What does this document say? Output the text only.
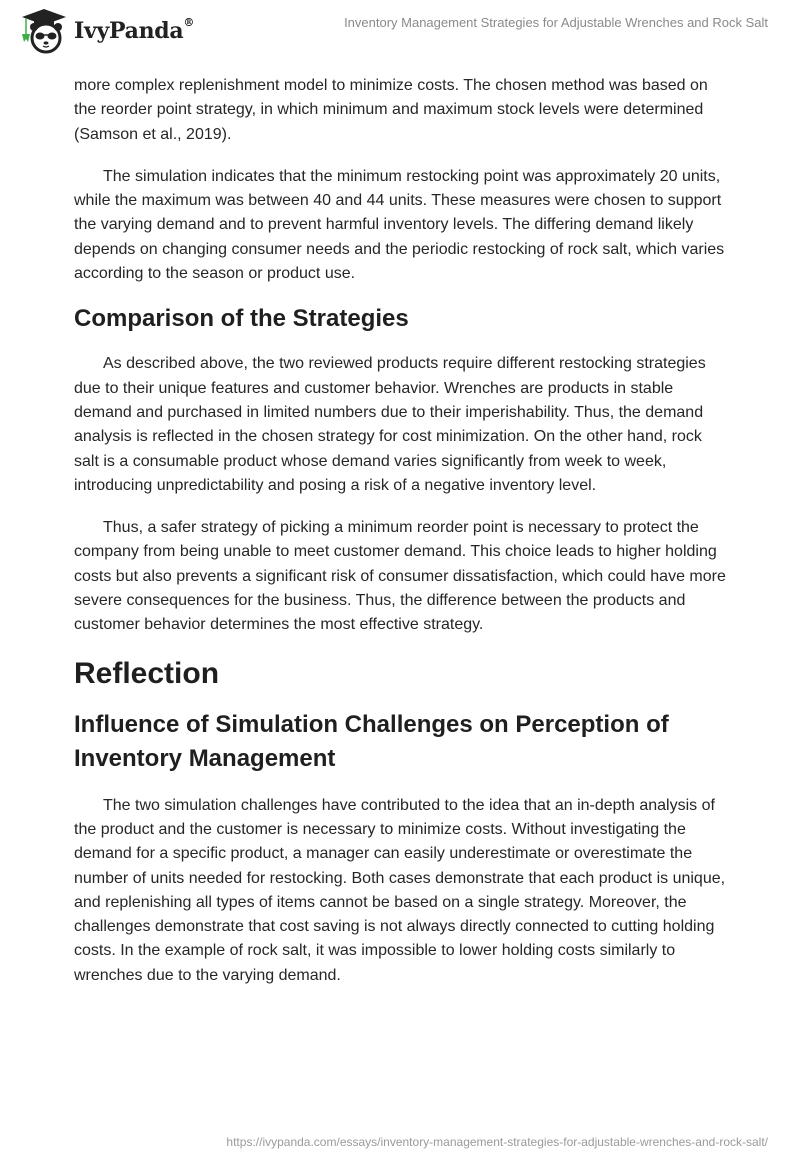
IvyPanda®	Inventory Management Strategies for Adjustable Wrenches and Rock Salt

more complex replenishment model to minimize costs. The chosen method was based on the reorder point strategy, in which minimum and maximum stock levels were determined (Samson et al., 2019).

The simulation indicates that the minimum restocking point was approximately 20 units, while the maximum was between 40 and 44 units. These measures were chosen to support the varying demand and to prevent harmful inventory levels. The differing demand likely depends on changing consumer needs and the periodic restocking of rock salt, which varies according to the season or product use.

Comparison of the Strategies

As described above, the two reviewed products require different restocking strategies due to their unique features and customer behavior. Wrenches are products in stable demand and purchased in limited numbers due to their imperishability. Thus, the demand analysis is reflected in the chosen strategy for cost minimization. On the other hand, rock salt is a consumable product whose demand varies significantly from week to week, introducing unpredictability and posing a risk of a negative inventory level.

Thus, a safer strategy of picking a minimum reorder point is necessary to protect the company from being unable to meet customer demand. This choice leads to higher holding costs but also prevents a significant risk of consumer dissatisfaction, which could have more severe consequences for the business. Thus, the difference between the products and customer behavior determines the most effective strategy.

Reflection
Influence of Simulation Challenges on Perception of Inventory Management

The two simulation challenges have contributed to the idea that an in-depth analysis of the product and the customer is necessary to minimize costs. Without investigating the demand for a specific product, a manager can easily underestimate or overestimate the number of units needed for restocking. Both cases demonstrate that each product is unique, and replenishing all types of items cannot be based on a single strategy. Moreover, the challenges demonstrate that cost saving is not always directly connected to cutting holding costs. In the example of rock salt, it was impossible to lower holding costs similarly to wrenches due to the varying demand.

https://ivypanda.com/essays/inventory-management-strategies-for-adjustable-wrenches-and-rock-salt/
